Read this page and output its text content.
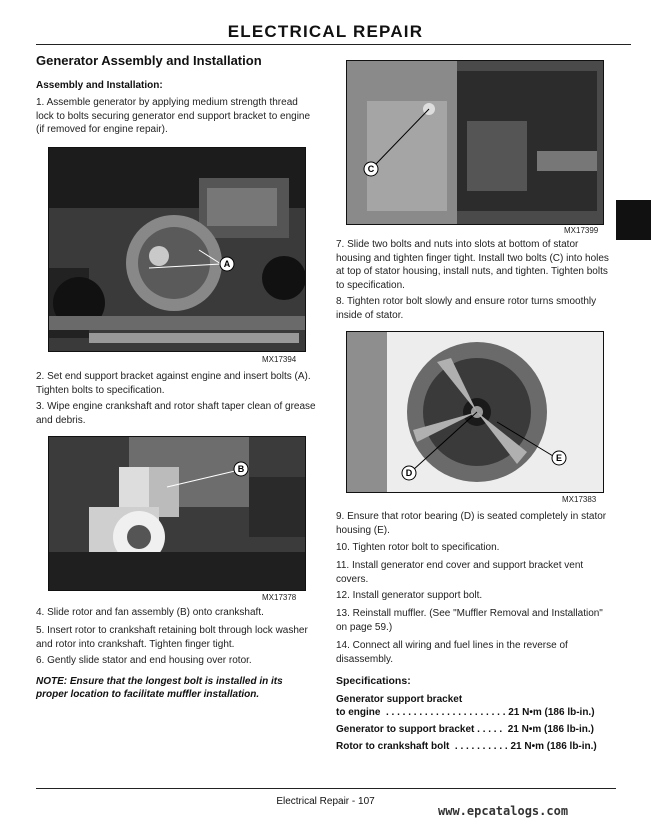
ELECTRICAL REPAIR
Generator Assembly and Installation
Assembly and Installation:
1. Assemble generator by applying medium strength thread lock to bolts securing generator end support bracket to engine (if removed for engine repair).
A
MX17394
2. Set end support bracket against engine and insert bolts (A). Tighten bolts to specification.
3. Wipe engine crankshaft and rotor shaft taper clean of grease and debris.
B
MX17378
4. Slide rotor and fan assembly (B) onto crankshaft.
5. Insert rotor to crankshaft retaining bolt through lock washer and rotor into crankshaft. Tighten finger tight.
6. Gently slide stator and end housing over rotor.
NOTE: Ensure that the longest bolt is installed in its proper location to facilitate muffler installation.
C
MX17399
7. Slide two bolts and nuts into slots at bottom of stator housing and tighten finger tight. Install two bolts (C) into holes at top of stator housing, install nuts, and tighten. Tighten bolts to specification.
8. Tighten rotor bolt slowly and ensure rotor turns smoothly inside of stator.
D
E
MX17383
9. Ensure that rotor bearing (D) is seated completely in stator housing (E).
10. Tighten rotor bolt to specification.
11. Install generator end cover and support bracket vent covers.
12. Install generator support bolt.
13. Reinstall muffler. (See "Muffler Removal and Installation" on page 59.)
14. Connect all wiring and fuel lines in the reverse of disassembly.
Specifications:
Generator support bracket
to engine  . . . . . . . . . . . . . . . . . . . . . . 21 N•m (186 lb-in.)
Generator to support bracket . . . . .  21 N•m (186 lb-in.)
Rotor to crankshaft bolt  . . . . . . . . . . 21 N•m (186 lb-in.)
Electrical Repair - 107
www.epcatalogs.com
